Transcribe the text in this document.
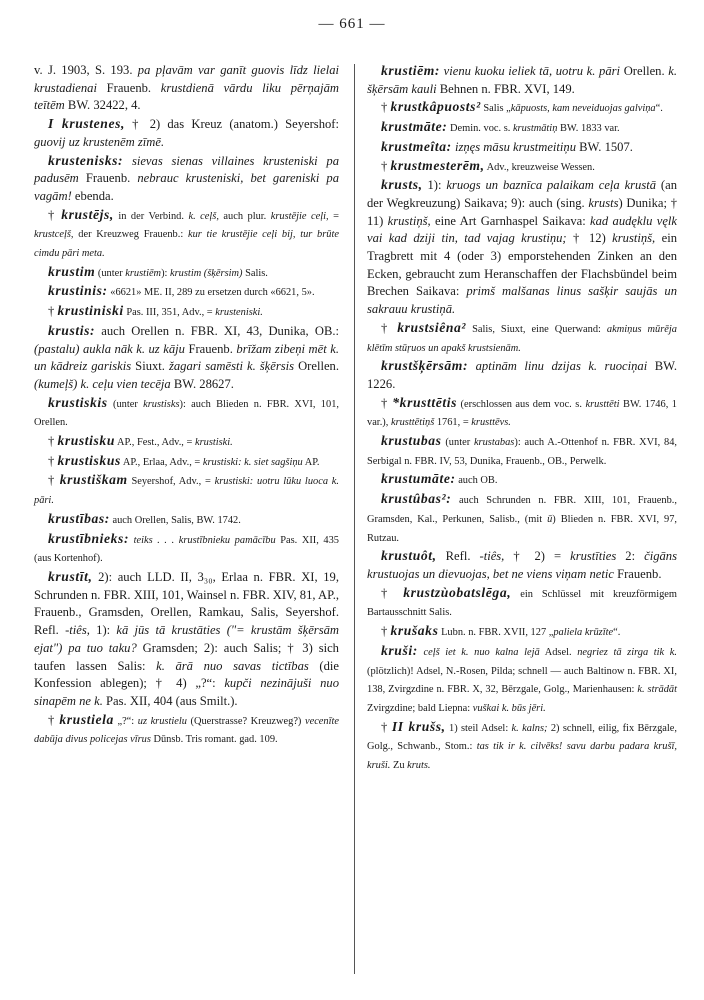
— 661 —

v. J. 1903, S. 193. pa pļavām var ganīt guovis līdz lielai krustadienai Frauenb. krustdienā vārdu liku pērņajām teītēm BW. 32422, 4.

I krustenes, † 2) das Kreuz (anatom.) Seyershof: guovij uz krustenēm zīmē.

krustenisks: sievas sienas villaines krusteniski pa padusēm Frauenb. nebrauc krusteniski, bet gareniski pa vagām! ebenda.

† krustējs, in der Verbind. k. ceļš, auch plur. krustējie ceļi, = krustceļš, der Kreuzweg Frauenb.: kur tie krustējie ceļi bij, tur brūte cimdu pāri meta.

krustim (unter krustiēm): krustim (šķērsim) Salis.

krustinis: «6621» ME. II, 289 zu ersetzen durch «6621, 5».

† krustiniski Pas. III, 351, Adv., = krusteniski.

krustis: auch Orellen n. FBR. XI, 43, Dunika, OB.: (pastalu) aukla nāk k. uz kāju Frauenb. brīžam zibeņi mēt k. un kādreiz gariskis Siuxt. žagari samēsti k. šķērsis Orellen. (kumeļš) k. ceļu vien tecēja BW. 28627.

krustiskis (unter krustisks): auch Blieden n. FBR. XVI, 101, Orellen.

† krustisku AP., Fest., Adv., = krustiski.

† krustiskus AP., Erlaa, Adv., = krustiski: k. siet sagšiņu AP.

† krustiškam Seyershof, Adv., = krustiski: uotru lūku luoca k. pāri.

krustības: auch Orellen, Salis, BW. 1742.

krustībnieks: teiks . . . krustībnieku pamācību Pas. XII, 435 (aus Kortenhof).

krustīt, 2): auch LLD. II, 3₃₀, Erlaa n. FBR. XI, 19, Schrunden n. FBR. XIII, 101, Wainsel n. FBR. XIV, 81, AP., Frauenb., Gramsden, Orellen, Ramkau, Salis, Seyershof. Refl. -tiês, 1): kā jūs tā krustāties ("= krustām šķērsām ejat") pa tuo taku? Gramsden; 2): auch Salis; † 3) sich taufen lassen Salis: k. ārā nuo savas tictības (die Konfession ablegen); † 4) „?“: kupči nezinājuši nuo sinapēm ne k. Pas. XII, 404 (aus Smilt.).

† krustiela „?“: uz krustielu (Querstrasse? Kreuzweg?) vecenīte dabūja divus policejas vīrus Dūnsb. Tris romant. gad. 109.

krustiēm: vienu kuoku ieliek tā, uotru k. pāri Orellen. k. šķērsām kauli Behnen n. FBR. XVI, 149.

† krustkâpuosts² Salis „kāpuosts, kam neveiduojas galviņa“.

krustmāte: Demin. voc. s. krustmātiņ BW. 1833 var.

krustmeîta: izņęs māsu krustmeitiņu BW. 1507.

† krustmesterēm, Adv., kreuzweise Wessen.

krusts, 1): kruogs un baznīca palaikam ceļa krustā (an der Wegkreuzung) Saikava; 9): auch (sing. krusts) Dunika; † 11) krustiņš, eine Art Garnhaspel Saikava: kad audęklu vęlk vai kad dziji tin, tad vajag krustiņu; † 12) krustiņš, ein Tragbrett mit 4 (oder 3) emporstehenden Zinken an den Ecken, gebraucht zum Heranschaffen der Flachsbündel beim Brechen Saikava: primš malšanas linus sašķir saujās un sakrauu krustiņā.

† krustsiêna² Salis, Siuxt, eine Querwand: akmiņus mūrēja klētīm stūŗuos un apakš krustsienām.

krustšķērsām: aptinām linu dzijas k. ruociņai BW. 1226.

† *krusttētis (erschlossen aus dem voc. s. krusttēti BW. 1746, 1 var.), krusttētiņš 1761, = krusttēvs.

krustubas (unter krustabas): auch A.-Ottenhof n. FBR. XVI, 84, Serbigal n. FBR. IV, 53, Dunika, Frauenb., OB., Perwelk.

krustumāte: auch OB.

krustûbas²: auch Schrunden n. FBR. XIII, 101, Frauenb., Gramsden, Kal., Perkunen, Salisb., (mit ū) Blieden n. FBR. XVI, 97, Rutzau.

krustuôt, Refl. -tiês, † 2) = krustīties 2: čigāns krustuojas un dievuojas, bet ne viens viņam netic Frauenb.

† krustzùobatslēga, ein Schlüssel mit kreuzförmigem Bartausschnitt Salis.

† krušaks Lubn. n. FBR. XVII, 127 „paliela krūzīte“.

kruši: ceļš iet k. nuo kalna lejā Adsel. negriez tā zirga tik k. (plötzlich)! Adsel, N.-Rosen, Pilda; schnell — auch Baltinow n. FBR. XI, 138, Zvirgzdine n. FBR. X, 32, Bērzgale, Golg., Marienhausen: k. strādāt Zvirgzdine; bald Liepna: vuškai k. būs jēri.

† II krušs, 1) steil Adsel: k. kalns; 2) schnell, eilig, fix Bērzgale, Golg., Schwanb., Stom.: tas tik ir k. cilvēks! savu darbu padara krušī, kruši. Zu kruts.
